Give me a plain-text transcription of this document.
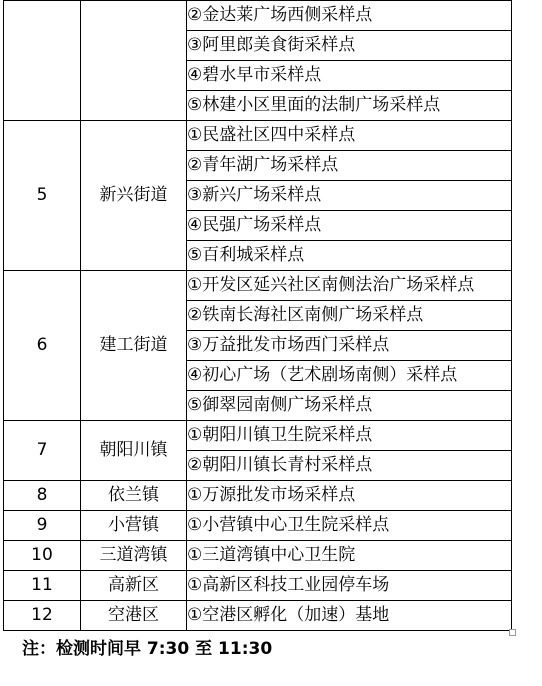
		②金达莱广场西侧采样点
		③阿里郎美食街采样点
		④碧水早市采样点
		⑤林建小区里面的法制广场采样点
5	新兴街道	①民盛社区四中采样点
		②青年湖广场采样点
		③新兴广场采样点
		④民强广场采样点
		⑤百利城采样点
6	建工街道	①开发区延兴社区南侧法治广场采样点
		②铁南长海社区南侧广场采样点
		③万益批发市场西门采样点
		④初心广场（艺术剧场南侧）采样点
		⑤御翠园南侧广场采样点
7	朝阳川镇	①朝阳川镇卫生院采样点
		②朝阳川镇长青村采样点
8	依兰镇	①万源批发市场采样点
9	小营镇	①小营镇中心卫生院采样点
10	三道湾镇	①三道湾镇中心卫生院
11	高新区	①高新区科技工业园停车场
12	空港区	①空港区孵化（加速）基地
注：检测时间早 7:30 至 11:30
